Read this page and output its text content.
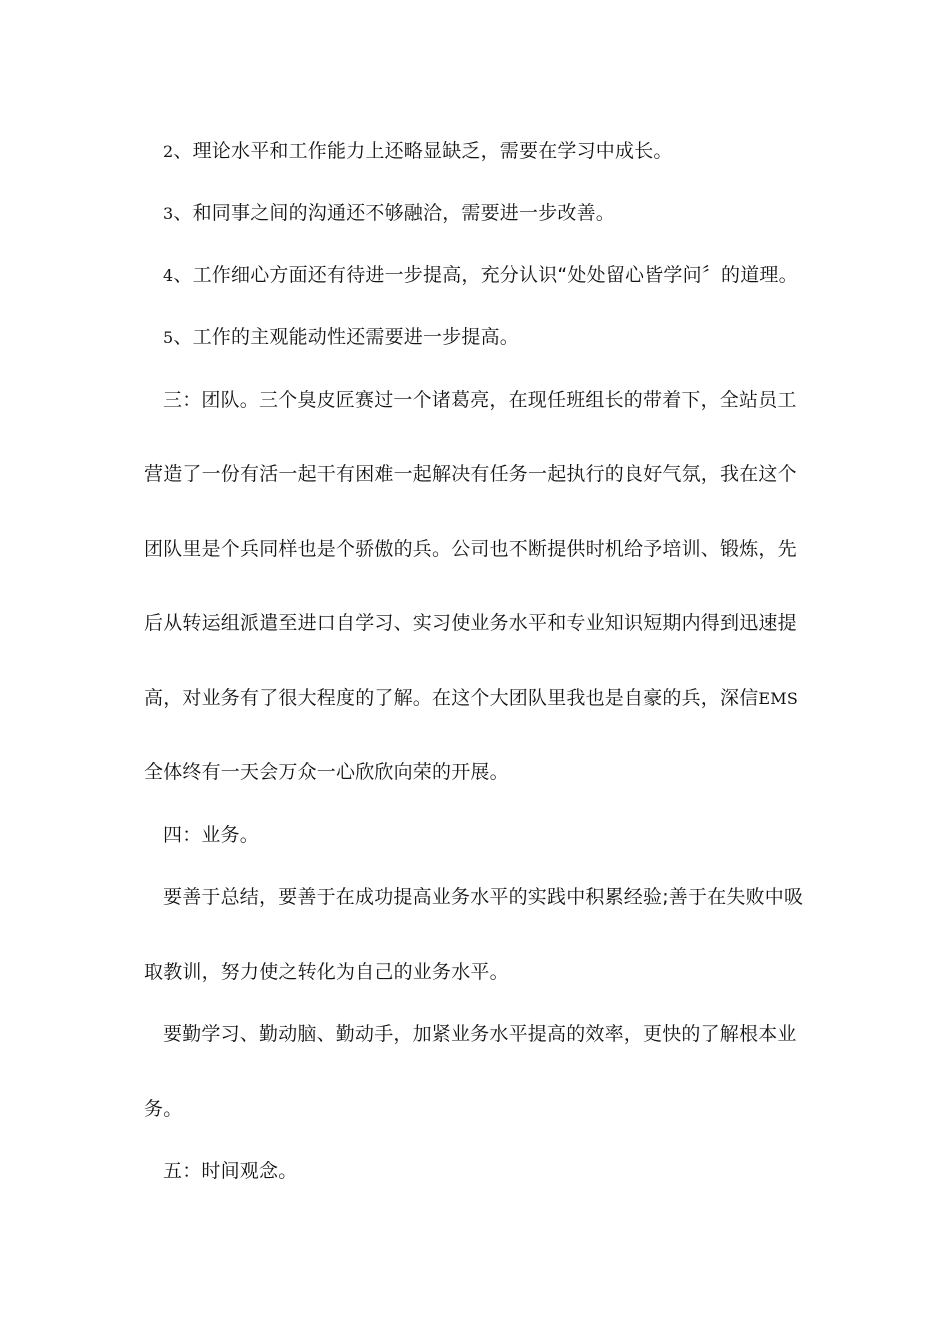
2、理论水平和工作能力上还略显缺乏，需要在学习中成长。
3、和同事之间的沟通还不够融洽，需要进一步改善。
4、工作细心方面还有待进一步提高，充分认识“处处留心皆学问〞的道理。
5、工作的主观能动性还需要进一步提高。
三：团队。三个臭皮匠赛过一个诸葛亮，在现任班组长的带着下，全站员工
营造了一份有活一起干有困难一起解决有任务一起执行的良好气氛，我在这个
团队里是个兵同样也是个骄傲的兵。公司也不断提供时机给予培训、锻炼，先
后从转运组派遣至进口自学习、实习使业务水平和专业知识短期内得到迅速提
高，对业务有了很大程度的了解。在这个大团队里我也是自豪的兵，深信EMS
全体终有一天会万众一心欣欣向荣的开展。
四：业务。
要善于总结，要善于在成功提高业务水平的实践中积累经验;善于在失败中吸
取教训，努力使之转化为自己的业务水平。
要勤学习、勤动脑、勤动手，加紧业务水平提高的效率，更快的了解根本业
务。
五：时间观念。
